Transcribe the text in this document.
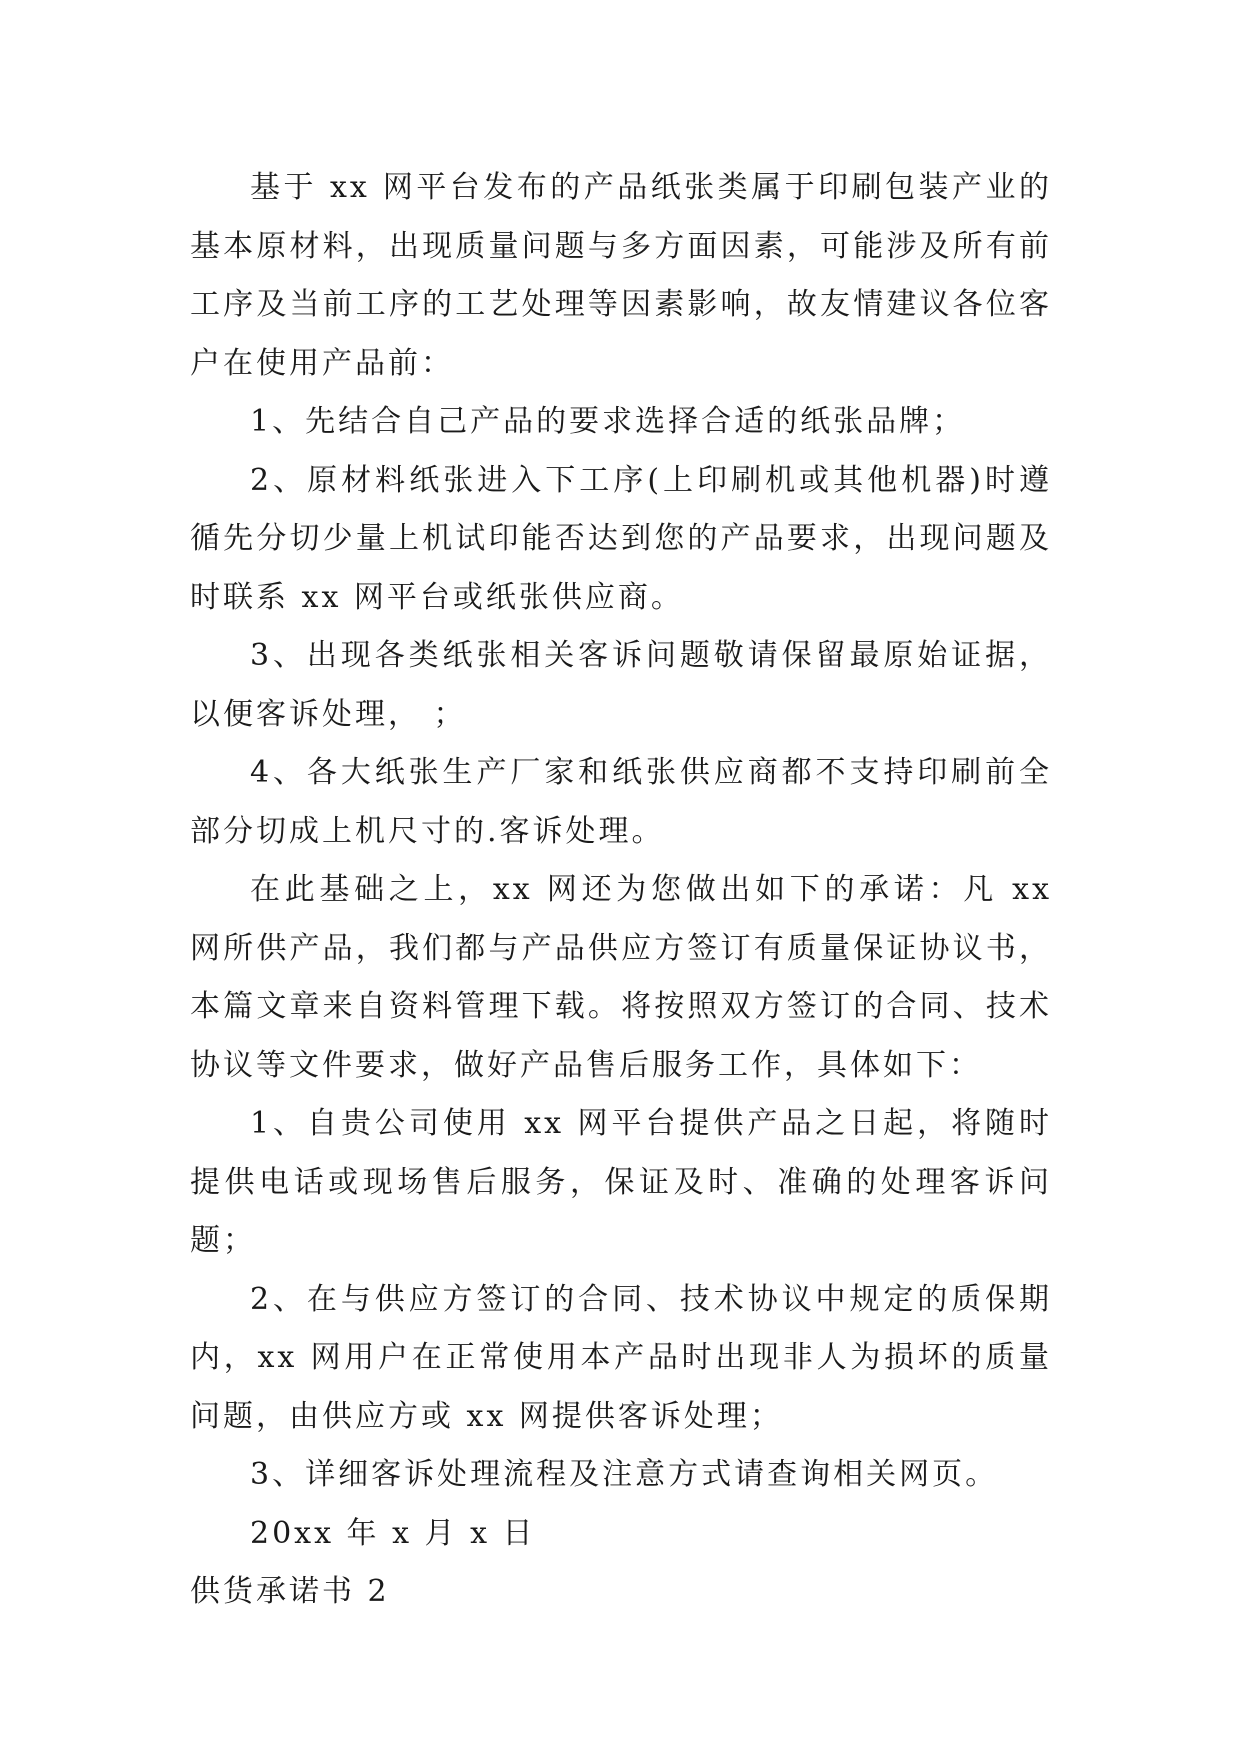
基于 xx 网平台发布的产品纸张类属于印刷包装产业的基本原材料，出现质量问题与多方面因素，可能涉及所有前工序及当前工序的工艺处理等因素影响，故友情建议各位客户在使用产品前：

1、先结合自己产品的要求选择合适的纸张品牌；

2、原材料纸张进入下工序(上印刷机或其他机器)时遵循先分切少量上机试印能否达到您的产品要求，出现问题及时联系 xx 网平台或纸张供应商。

3、出现各类纸张相关客诉问题敬请保留最原始证据，以便客诉处理， ；

4、各大纸张生产厂家和纸张供应商都不支持印刷前全部分切成上机尺寸的.客诉处理。

在此基础之上，xx 网还为您做出如下的承诺：凡 xx 网所供产品，我们都与产品供应方签订有质量保证协议书，本篇文章来自资料管理下载。将按照双方签订的合同、技术协议等文件要求，做好产品售后服务工作，具体如下：

1、自贵公司使用 xx 网平台提供产品之日起，将随时提供电话或现场售后服务，保证及时、准确的处理客诉问题；

2、在与供应方签订的合同、技术协议中规定的质保期内，xx 网用户在正常使用本产品时出现非人为损坏的质量问题，由供应方或 xx 网提供客诉处理；

3、详细客诉处理流程及注意方式请查询相关网页。

20xx 年 x 月 x 日

供货承诺书 2
